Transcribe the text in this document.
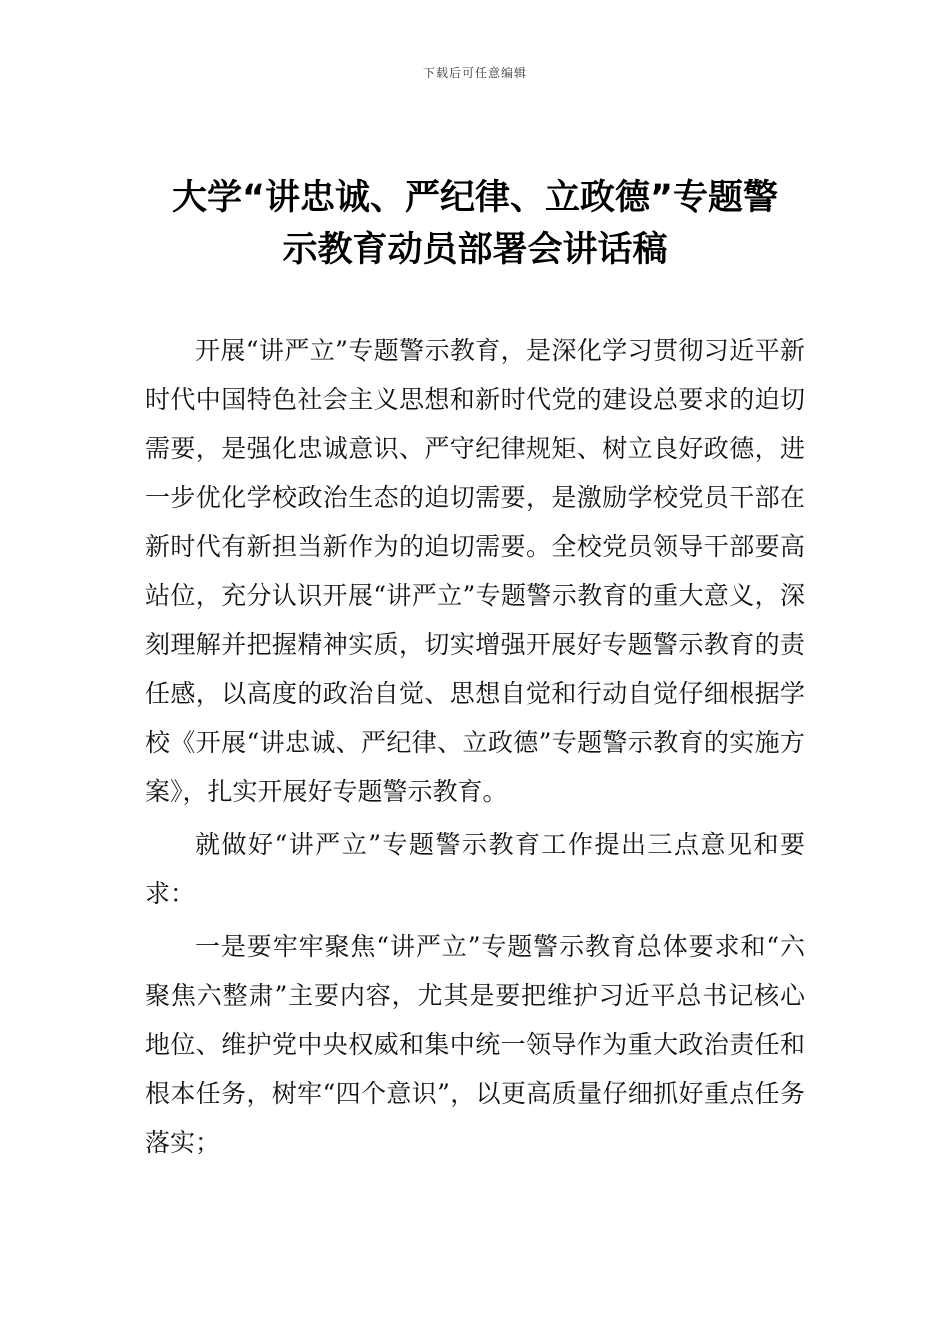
下载后可任意编辑
大学“讲忠诚、严纪律、立政德”专题警
示教育动员部署会讲话稿

开展“讲严立”专题警示教育，是深化学习贯彻习近平新时代中国特色社会主义思想和新时代党的建设总要求的迫切需要，是强化忠诚意识、严守纪律规矩、树立良好政德，进一步优化学校政治生态的迫切需要，是激励学校党员干部在新时代有新担当新作为的迫切需要。全校党员领导干部要高站位，充分认识开展“讲严立”专题警示教育的重大意义，深刻理解并把握精神实质，切实增强开展好专题警示教育的责任感，以高度的政治自觉、思想自觉和行动自觉仔细根据学校《开展“讲忠诚、严纪律、立政德”专题警示教育的实施方案》，扎实开展好专题警示教育。

就做好“讲严立”专题警示教育工作提出三点意见和要求：

一是要牢牢聚焦“讲严立”专题警示教育总体要求和“六聚焦六整肃”主要内容，尤其是要把维护习近平总书记核心地位、维护党中央权威和集中统一领导作为重大政治责任和根本任务，树牢“四个意识”，以更高质量仔细抓好重点任务落实；
